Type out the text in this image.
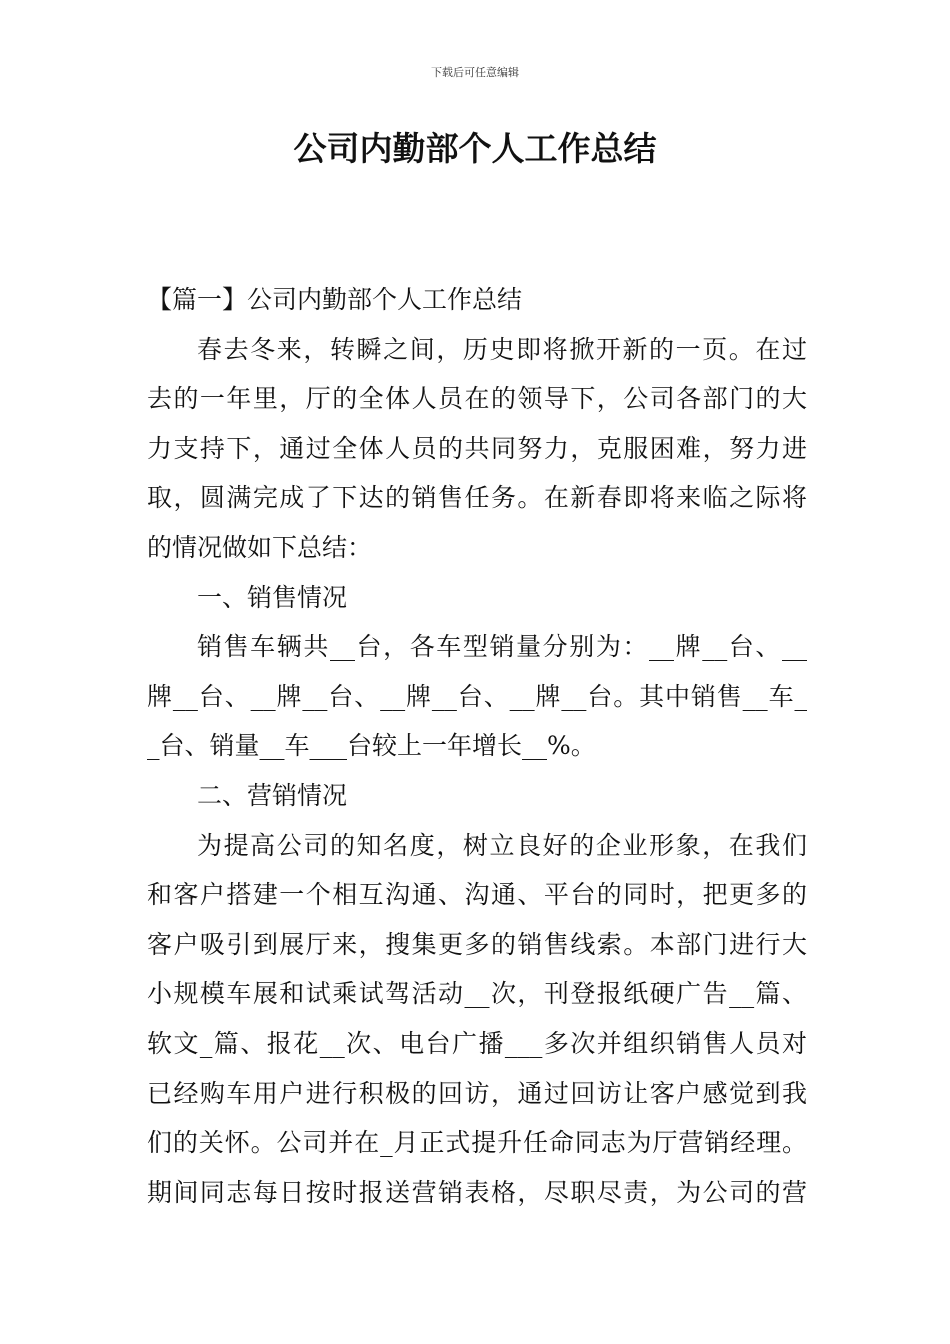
下载后可任意编辑
公司内勤部个人工作总结
【篇一】公司内勤部个人工作总结
春去冬来，转瞬之间，历史即将掀开新的一页。在过
去的一年里，厅的全体人员在的领导下，公司各部门的大
力支持下，通过全体人员的共同努力，克服困难，努力进
取，圆满完成了下达的销售任务。在新春即将来临之际将
的情况做如下总结：
一、销售情况
销售车辆共__台，各车型销量分别为：__牌__台、__
牌__台、__牌__台、__牌__台、__牌__台。其中销售__车_
_台、销量__车___台较上一年增长__%。
二、营销情况
为提高公司的知名度，树立良好的企业形象，在我们
和客户搭建一个相互沟通、沟通、平台的同时，把更多的
客户吸引到展厅来，搜集更多的销售线索。本部门进行大
小规模车展和试乘试驾活动__次，刊登报纸硬广告__篇、
软文_篇、报花__次、电台广播___多次并组织销售人员对
已经购车用户进行积极的回访，通过回访让客户感觉到我
们的关怀。公司并在_月正式提升任命同志为厅营销经理。
期间同志每日按时报送营销表格，尽职尽责，为公司的营
